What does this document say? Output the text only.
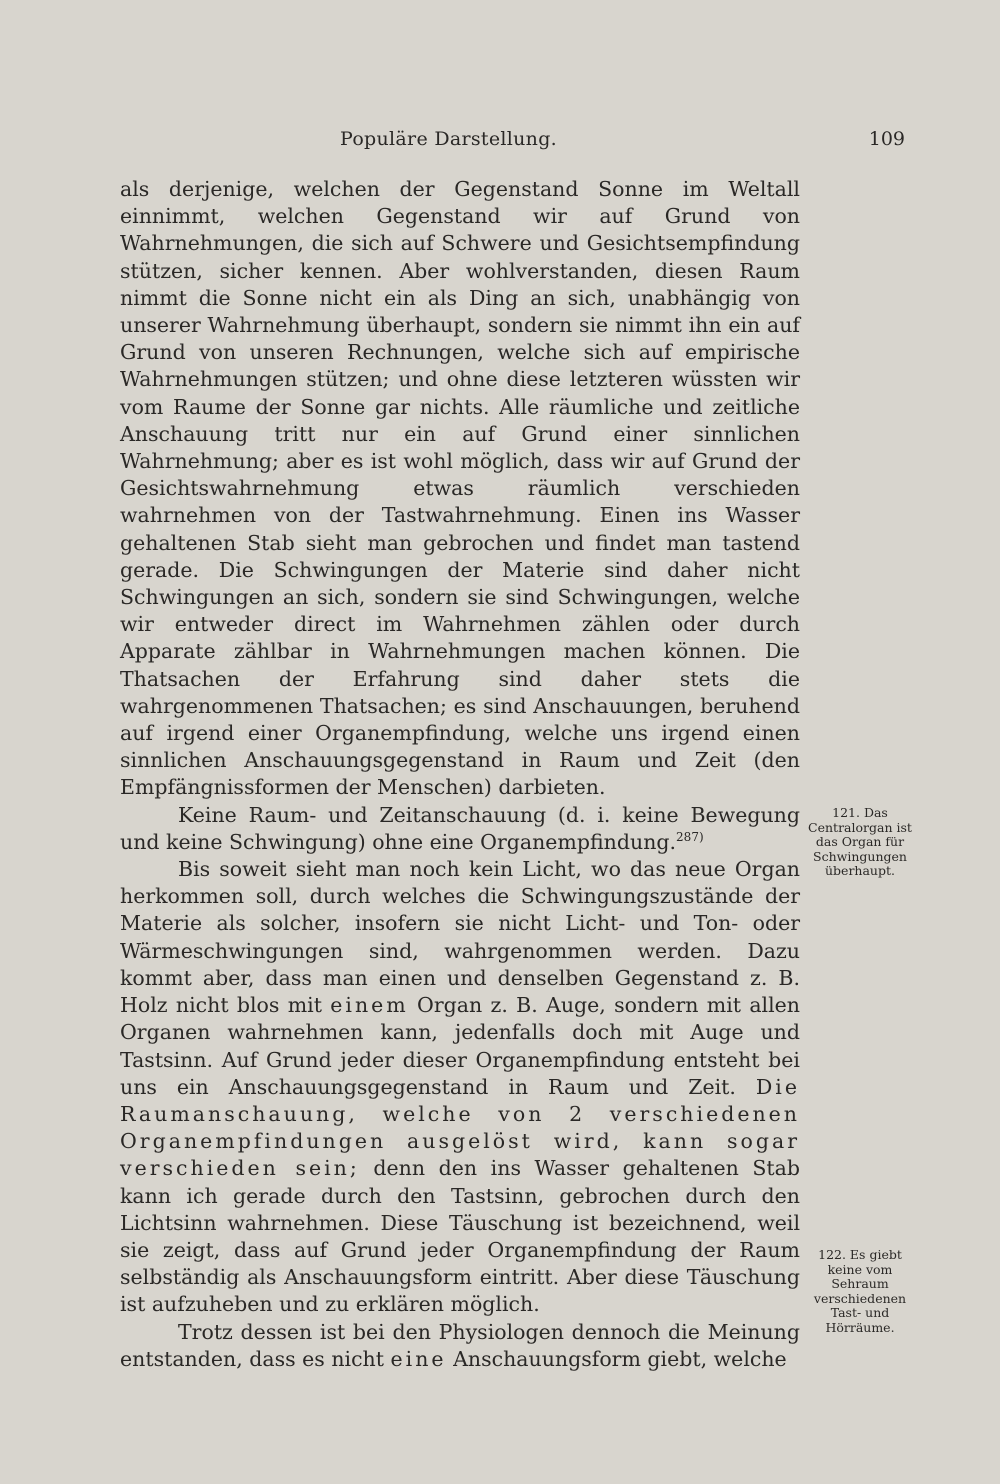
Populäre Darstellung.	109

als derjenige, welchen der Gegenstand Sonne im Weltall einnimmt, welchen Gegenstand wir auf Grund von Wahrnehmungen, die sich auf Schwere und Gesichtsempfindung stützen, sicher kennen. Aber wohlverstanden, diesen Raum nimmt die Sonne nicht ein als Ding an sich, unabhängig von unserer Wahrnehmung überhaupt, sondern sie nimmt ihn ein auf Grund von unseren Rechnungen, welche sich auf empirische Wahrnehmungen stützen; und ohne diese letzteren wüssten wir vom Raume der Sonne gar nichts. Alle räumliche und zeitliche Anschauung tritt nur ein auf Grund einer sinnlichen Wahrnehmung; aber es ist wohl möglich, dass wir auf Grund der Gesichtswahrnehmung etwas räumlich verschieden wahrnehmen von der Tastwahrnehmung. Einen ins Wasser gehaltenen Stab sieht man gebrochen und findet man tastend gerade. Die Schwingungen der Materie sind daher nicht Schwingungen an sich, sondern sie sind Schwingungen, welche wir entweder direct im Wahrnehmen zählen oder durch Apparate zählbar in Wahrnehmungen machen können. Die Thatsachen der Erfahrung sind daher stets die wahrgenommenen Thatsachen; es sind Anschauungen, beruhend auf irgend einer Organempfindung, welche uns irgend einen sinnlichen Anschauungsgegenstand in Raum und Zeit (den Empfängnissformen der Menschen) darbieten.

Keine Raum- und Zeitanschauung (d. i. keine Bewegung und keine Schwingung) ohne eine Organempfindung.$^{287)}$

Bis soweit sieht man noch kein Licht, wo das neue Organ herkommen soll, durch welches die Schwingungszustände der Materie als solcher, insofern sie nicht Licht- und Ton- oder Wärmeschwingungen sind, wahrgenommen werden. Dazu kommt aber, dass man einen und denselben Gegenstand z. B. Holz nicht blos mit einem Organ z. B. Auge, sondern mit allen Organen wahrnehmen kann, jedenfalls doch mit Auge und Tastsinn. Auf Grund jeder dieser Organempfindung entsteht bei uns ein Anschauungsgegenstand in Raum und Zeit. Die Raumanschauung, welche von 2 verschiedenen Organempfindungen ausgelöst wird, kann sogar verschieden sein; denn den ins Wasser gehaltenen Stab kann ich gerade durch den Tastsinn, gebrochen durch den Lichtsinn wahrnehmen. Diese Täuschung ist bezeichnend, weil sie zeigt, dass auf Grund jeder Organempfindung der Raum selbständig als Anschauungsform eintritt. Aber diese Täuschung ist aufzuheben und zu erklären möglich.

Trotz dessen ist bei den Physiologen dennoch die Meinung entstanden, dass es nicht eine Anschauungsform giebt, welche

121. Das Centralorgan ist das Organ für Schwingungen überhaupt.
122. Es giebt keine vom Sehraum verschiedenen Tast- und Hörräume.
